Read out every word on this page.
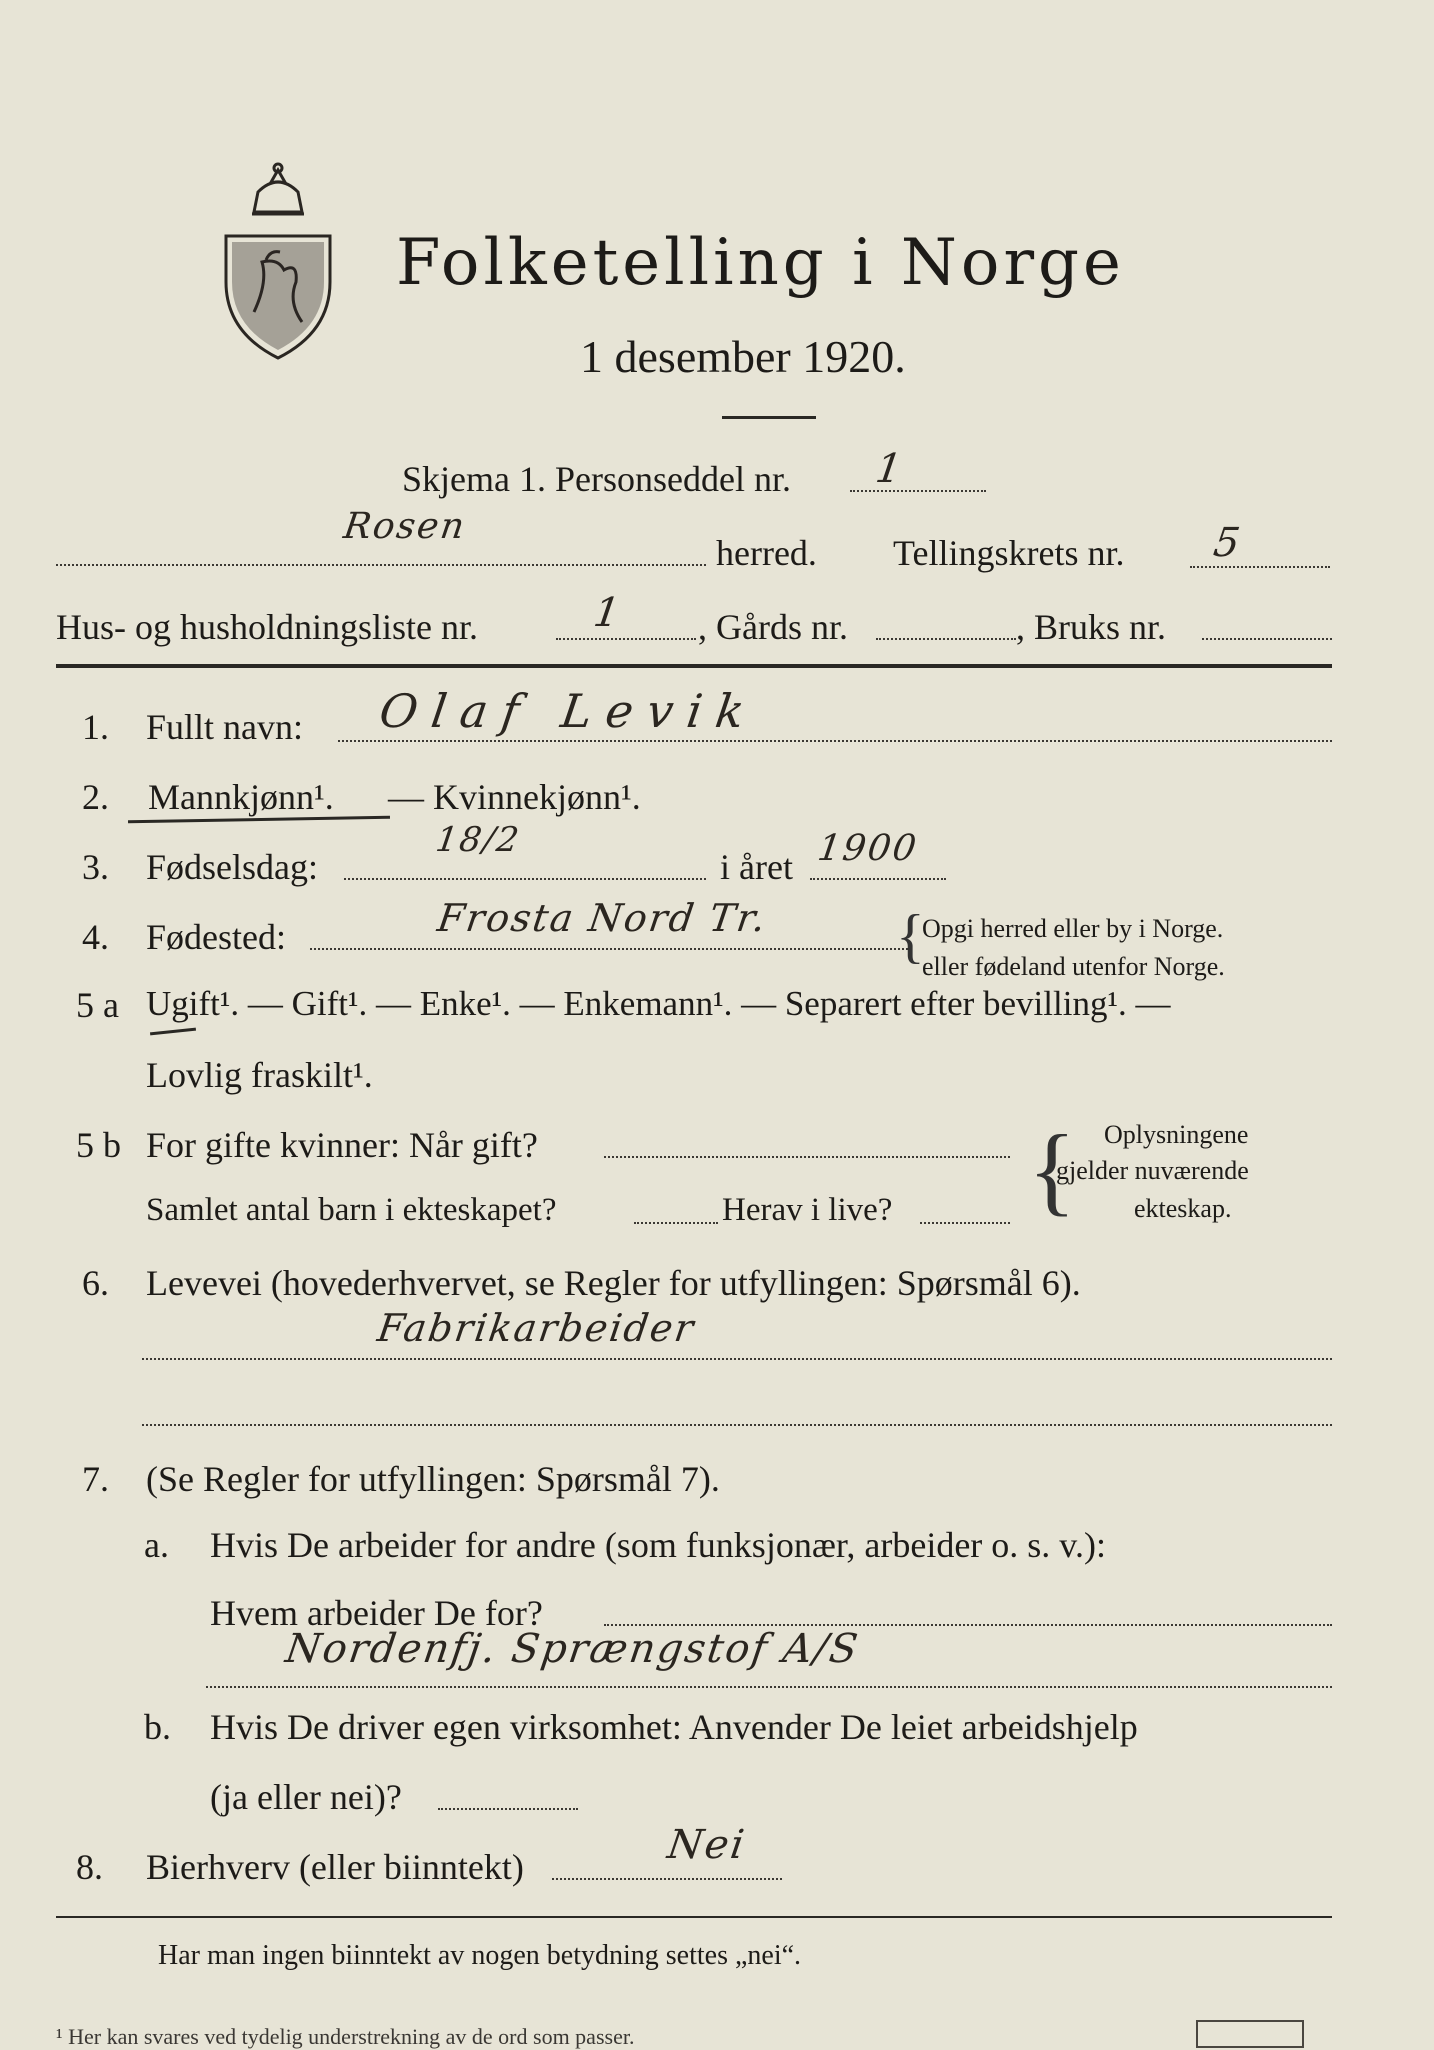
Folketelling i Norge
1 desember 1920.
Skjema 1. Personseddel nr. 1
Rosen
herred. Tellingskrets nr. 5
Hus- og husholdningsliste nr.	1 , Gårds nr.	, Bruks nr.
1. Fullt navn: Olaf Levik
2. Mannkjønn¹. — Kvinnekjønn¹.
3. Fødselsdag:
18/2
i året 1900
4. Fødested:	Frosta Nord Tr. {
Opgi herred eller by i Norge.
eller fødeland utenfor Norge.
5 a Ugift¹. — Gift¹. — Enke¹. — Enkemann¹. — Separert efter bevilling¹. —
Lovlig fraskilt¹.
5 b For gifte kvinner: Når gift?
Samlet antal barn i ekteskapet?	Herav i live? { Oplysningene
gjelder nuværende
ekteskap.
6. Levevei (hovederhvervet, se Regler for utfyllingen: Spørsmål 6).
Fabrikarbeider
7. (Se Regler for utfyllingen: Spørsmål 7).
a. Hvis De arbeider for andre (som funksjonær, arbeider o. s. v.):
Hvem arbeider De for?
Nordenfj. Sprængstof A/S
b. Hvis De driver egen virksomhet: Anvender De leiet arbeidshjelp
(ja eller nei)?
8. Bierhverv (eller biinntekt)	Nei
Har man ingen biinntekt av nogen betydning settes „nei“.
¹ Her kan svares ved tydelig understrekning av de ord som passer.
